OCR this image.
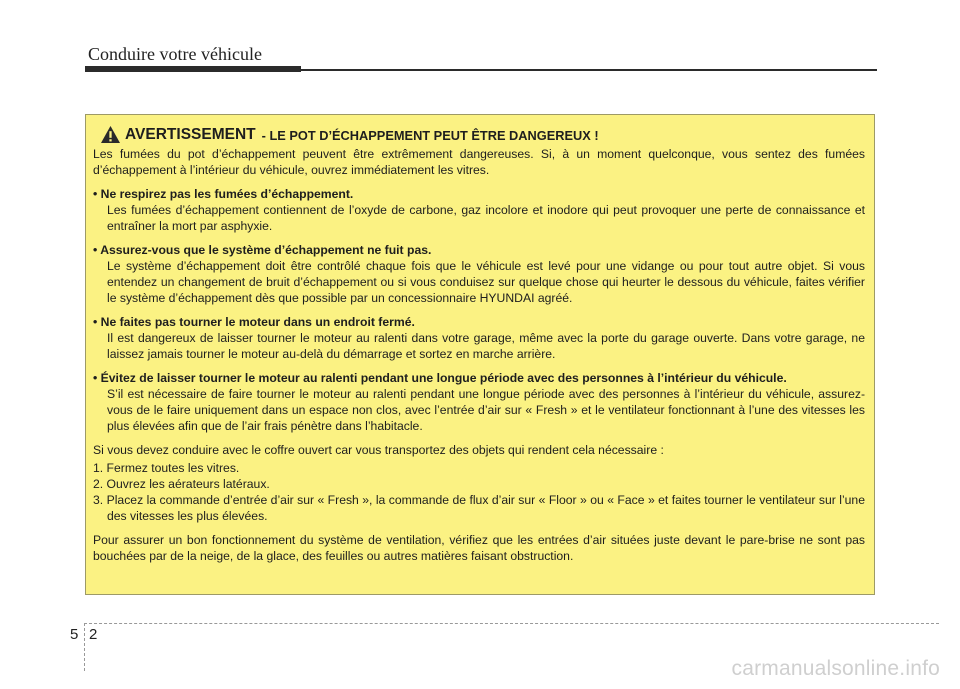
Conduire votre véhicule
AVERTISSEMENT - LE POT D’ÉCHAPPEMENT PEUT ÊTRE DANGEREUX !

Les fumées du pot d’échappement peuvent être extrêmement dangereuses. Si, à un moment quelconque, vous sentez des fumées d’échappement à l’intérieur du véhicule, ouvrez immédiatement les vitres.

• Ne respirez pas les fumées d’échappement.
Les fumées d’échappement contiennent de l’oxyde de carbone, gaz incolore et inodore qui peut provoquer une perte de connaissance et entraîner la mort par asphyxie.
• Assurez-vous que le système d’échappement ne fuit pas.
Le système d’échappement doit être contrôlé chaque fois que le véhicule est levé pour une vidange ou pour tout autre objet. Si vous entendez un changement de bruit d’échappement ou si vous conduisez sur quelque chose qui heurter le dessous du véhicule, faites vérifier le système d’échappement dès que possible par un concessionnaire HYUNDAI agréé.
• Ne faites pas tourner le moteur dans un endroit fermé.
Il est dangereux de laisser tourner le moteur au ralenti dans votre garage, même avec la porte du garage ouverte. Dans votre garage, ne laissez jamais tourner le moteur au-delà du démarrage et sortez en marche arrière.
• Évitez de laisser tourner le moteur au ralenti pendant une longue période avec des personnes à l’intérieur du véhicule.
S’il est nécessaire de faire tourner le moteur au ralenti pendant une longue période avec des personnes à l’intérieur du véhicule, assurez-vous de le faire uniquement dans un espace non clos, avec l’entrée d’air sur « Fresh » et le ventilateur fonctionnant à l’une des vitesses les plus élevées afin que de l’air frais pénètre dans l’habitacle.

Si vous devez conduire avec le coffre ouvert car vous transportez des objets qui rendent cela nécessaire :

1. Fermez toutes les vitres.
2. Ouvrez les aérateurs latéraux.
3. Placez la commande d’entrée d’air sur « Fresh », la commande de flux d’air sur « Floor » ou « Face » et faites tourner le ventilateur sur l’une des vitesses les plus élevées.

Pour assurer un bon fonctionnement du système de ventilation, vérifiez que les entrées d’air situées juste devant le pare-brise ne sont pas bouchées par de la neige, de la glace, des feuilles ou autres matières faisant obstruction.

5 2
carmanualsonline.info
